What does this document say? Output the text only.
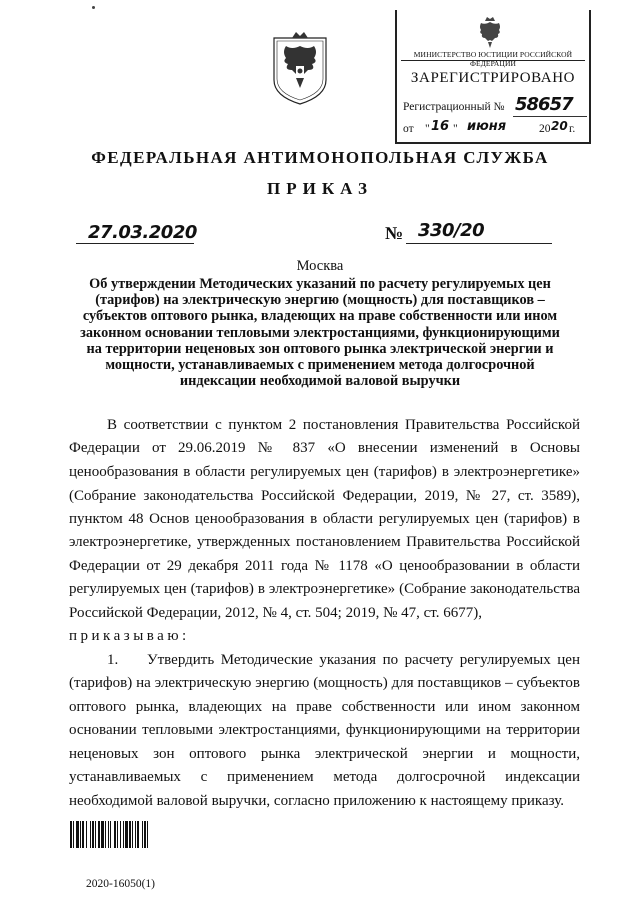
МИНИСТЕРСТВО ЮСТИЦИИ РОССИЙСКОЙ ФЕДЕРАЦИИ
ЗАРЕГИСТРИРОВАНО
Регистрационный № 58657
от " 16 " июня	20 20 г.
ФЕДЕРАЛЬНАЯ АНТИМОНОПОЛЬНАЯ СЛУЖБА
ПРИКАЗ
27.03.2020	№ 330/20
Москва
Об утверждении Методических указаний по расчету регулируемых цен
(тарифов) на электрическую энергию (мощность) для поставщиков –
субъектов оптового рынка, владеющих на праве собственности или ином
законном основании тепловыми электростанциями, функционирующими
на территории неценовых зон оптового рынка электрической энергии и
мощности, устанавливаемых с применением метода долгосрочной
индексации необходимой валовой выручки
В соответствии с пунктом 2 постановления Правительства Российской
Федерации от 29.06.2019 № 837 «О внесении изменений в Основы
ценообразования в области регулируемых цен (тарифов) в электроэнергетике»
(Собрание законодательства Российской Федерации, 2019, № 27, ст. 3589),
пунктом 48 Основ ценообразования в области регулируемых цен (тарифов) в
электроэнергетике, утвержденных постановлением Правительства Российской
Федерации от 29 декабря 2011 года № 1178 «О ценообразовании в области
регулируемых цен (тарифов) в электроэнергетике» (Собрание законодательства
Российской Федерации, 2012, № 4, ст. 504; 2019, № 47, ст. 6677),
приказываю:
1.	Утвердить Методические указания по расчету регулируемых цен
(тарифов) на электрическую энергию (мощность) для поставщиков – субъектов
оптового рынка, владеющих на праве собственности или ином законном
основании тепловыми электростанциями, функционирующими на территории
неценовых зон оптового рынка электрической энергии и мощности,
устанавливаемых с применением метода долгосрочной индексации
необходимой валовой выручки, согласно приложению к настоящему приказу.
2020-16050(1)
